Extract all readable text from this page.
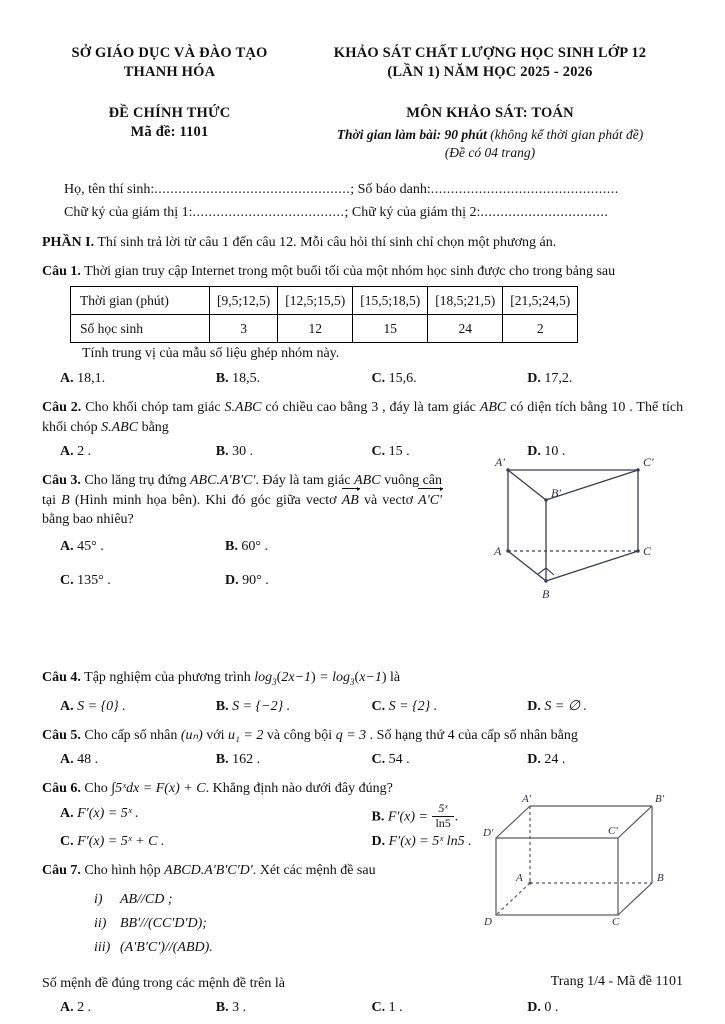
SỞ GIÁO DỤC VÀ ĐÀO TẠO
THANH HÓA
ĐỀ CHÍNH THỨC
Mã đề: 1101
KHẢO SÁT CHẤT LƯỢNG HỌC SINH LỚP 12
(LẦN 1) NĂM HỌC 2025 - 2026
MÔN KHẢO SÁT: TOÁN
Thời gian làm bài: 90 phút (không kể thời gian phát đề)
(Đề có 04 trang)
Họ, tên thí sinh:.................................................; Số báo danh:...............................................
Chữ ký của giám thị 1:......................................; Chữ ký của giám thị 2:................................
PHẦN I. Thí sinh trả lời từ câu 1 đến câu 12. Mỗi câu hỏi thí sinh chỉ chọn một phương án.
Câu 1. Thời gian truy cập Internet trong một buổi tối của một nhóm học sinh được cho trong bảng sau
Thời gian (phút)	[9,5;12,5)	[12,5;15,5)	[15,5;18,5)	[18,5;21,5)	[21,5;24,5)
Số học sinh	3	12	15	24	2
Tính trung vị của mẫu số liệu ghép nhóm này.
A. 18,1.	B. 18,5.	C. 15,6.	D. 17,2.
Câu 2. Cho khối chóp tam giác S.ABC có chiều cao bằng 3 , đáy là tam giác ABC có diện tích bằng 10 . Thể tích khối chóp S.ABC bằng
A. 2 .	B. 30 .	C. 15 .	D. 10 .
Câu 3. Cho lăng trụ đứng ABC.A'B'C'. Đáy là tam giác ABC vuông cân tại B (Hình minh họa bên). Khi đó góc giữa vectơ AB và vectơ A'C' bằng bao nhiêu?
A. 45° .	B. 60° .
C. 135° .	D. 90° .
Câu 4. Tập nghiệm của phương trình $\log_3(2x-1) = \log_3(x-1)$ là
A. S = {0} .	B. S = {−2} .	C. S = {2} .	D. S = ∅ .
Câu 5. Cho cấp số nhân (uₙ) với u₁ = 2 và công bội q = 3 . Số hạng thứ 4 của cấp số nhân bằng
A. 48 .	B. 162 .	C. 54 .	D. 24 .
Câu 6. Cho ∫5ˣdx = F(x) + C. Khẳng định nào dưới đây đúng?
A. F′(x) = 5ˣ .	B. $F'(x) = \frac{\text{5ˣ}}{\ln 5}$ .
C. F′(x) = 5ˣ + C .	D. F′(x) = 5ˣ ln5 .
Câu 7. Cho hình hộp ABCD.A'B'C'D'. Xét các mệnh đề sau
i) AB//CD ;
ii) BB′//(CC′D′D);
iii) (A′B′C′)//(ABD).
Số mệnh đề đúng trong các mệnh đề trên là
A. 2 .	B. 3 .	C. 1 .	D. 0 .
A′
B′
C′
A	C
B
A′	B′
D′	C′
A	B
D	C
Trang 1/4 - Mã đề 1101
